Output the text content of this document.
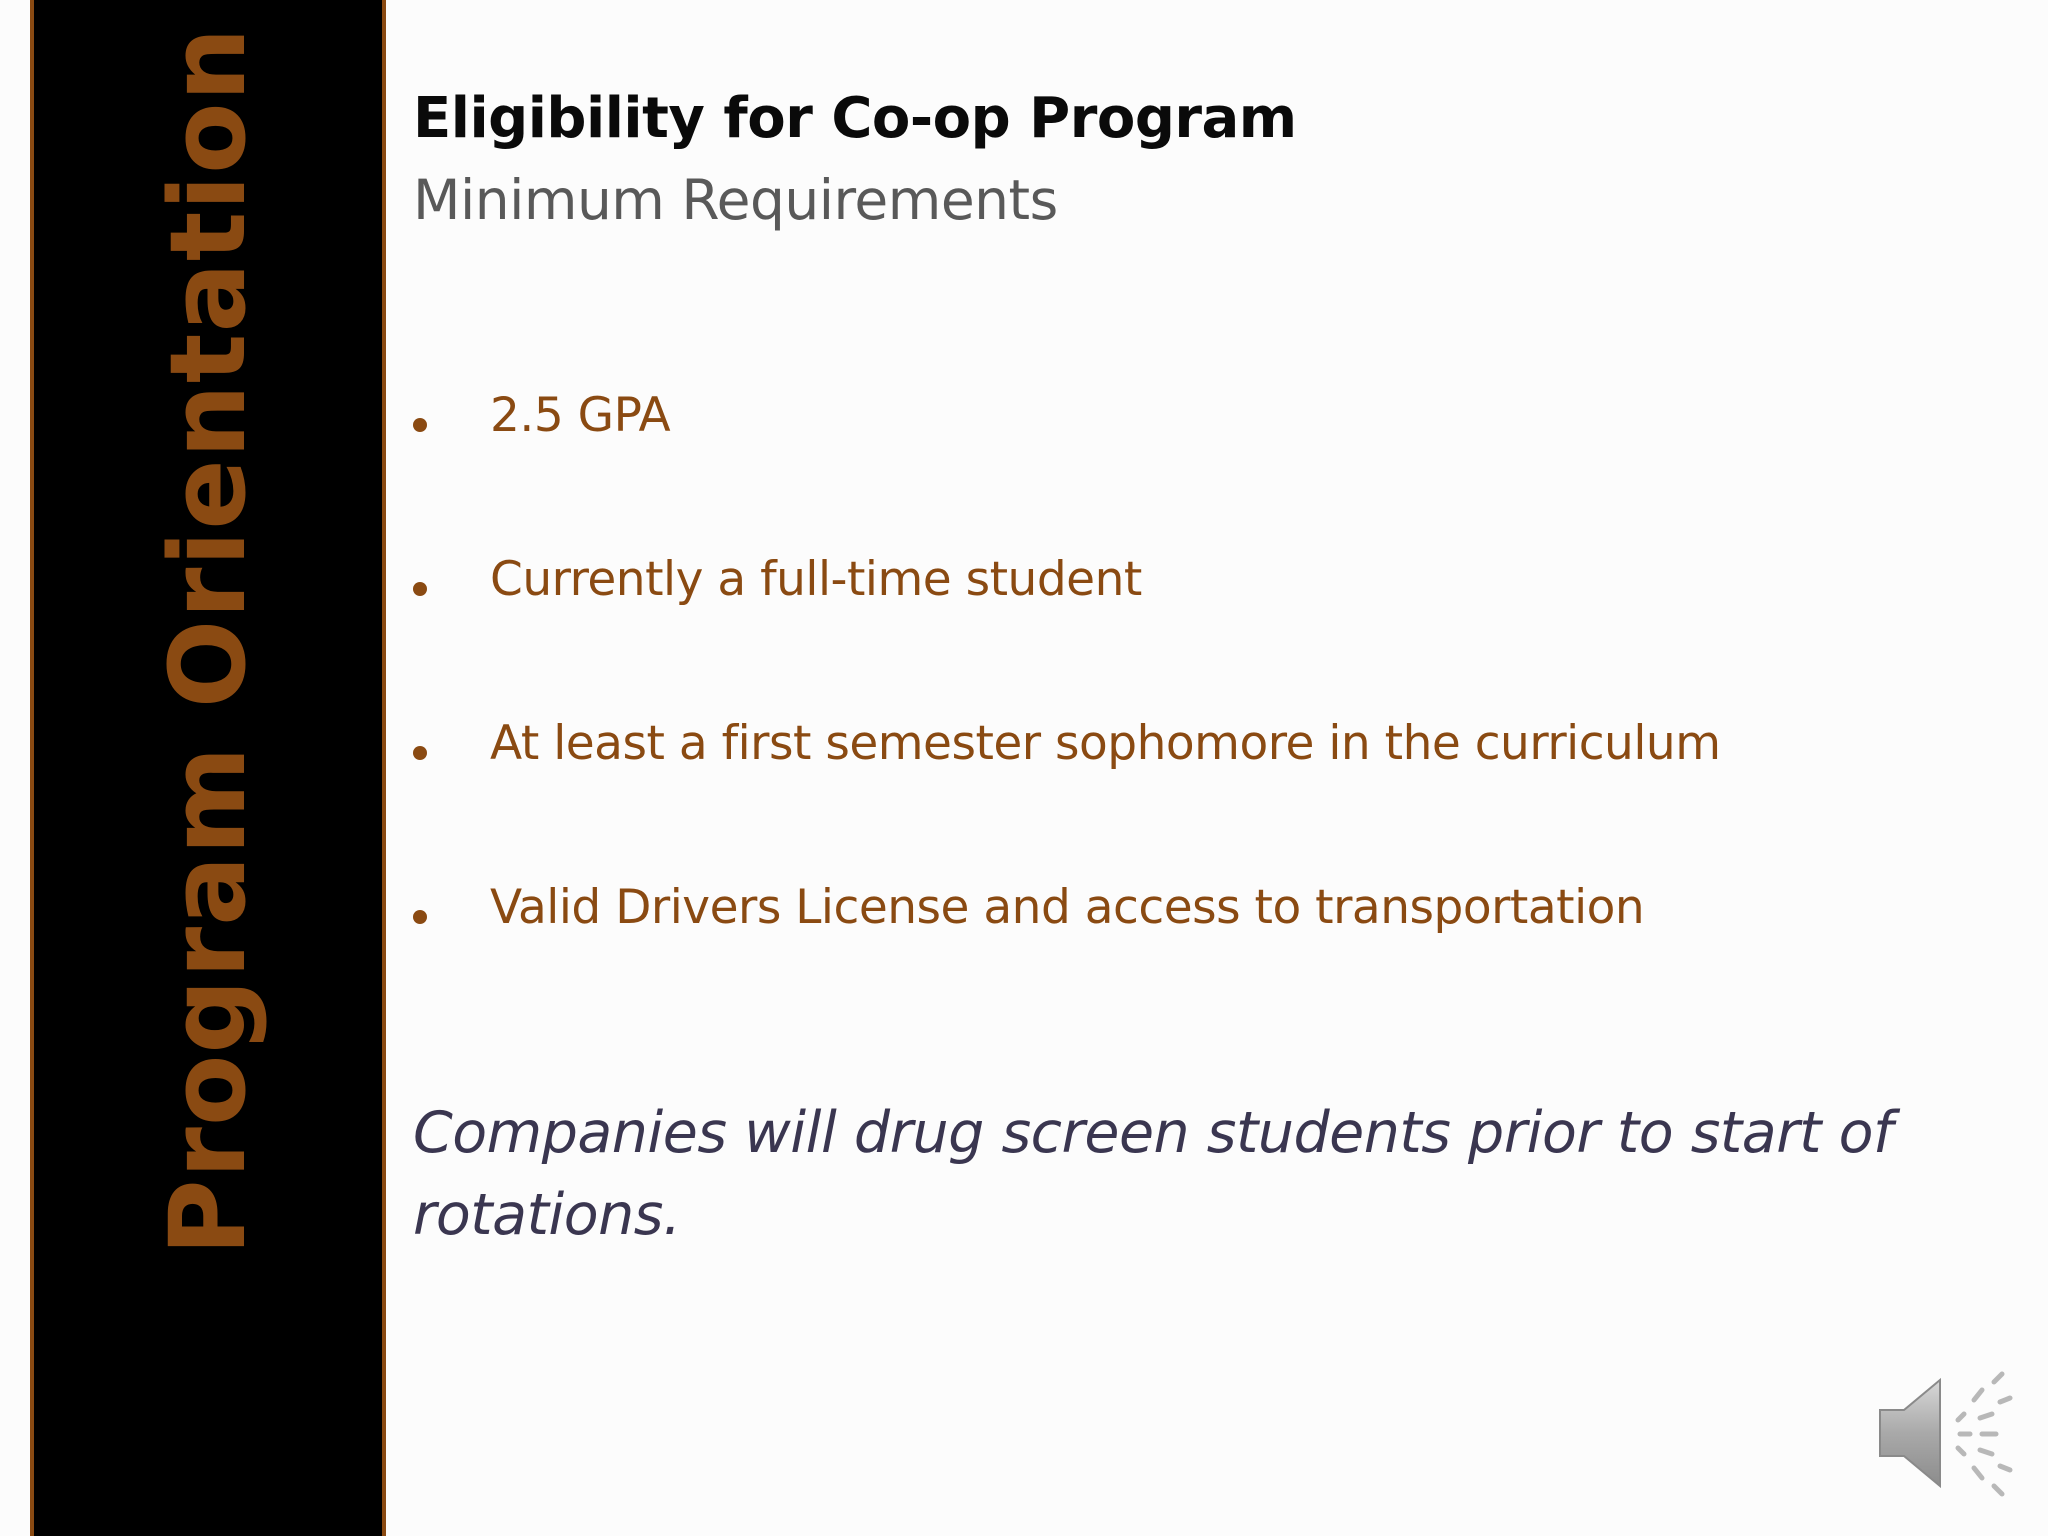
Program Orientation	Eligibility for Co-op Program
Minimum Requirements
2.5 GPA
Currently a full-time student
At least a first semester sophomore in the curriculum
Valid Drivers License and access to transportation
Companies will drug screen students prior to start of rotations.
